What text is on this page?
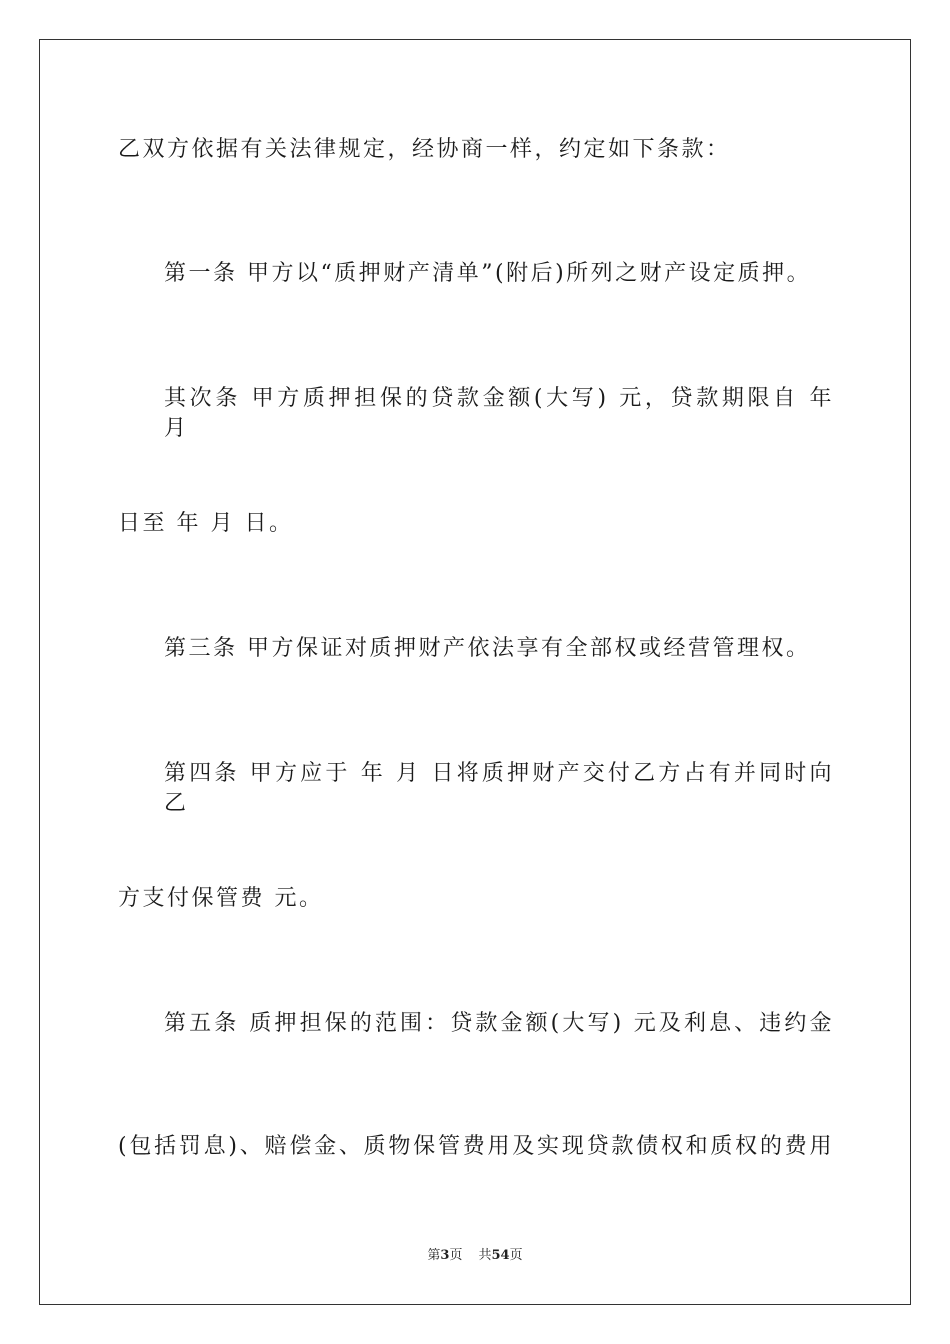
乙双方依据有关法律规定，经协商一样，约定如下条款：
第一条 甲方以“质押财产清单”(附后)所列之财产设定质押。
其次条 甲方质押担保的贷款金额(大写) 元，贷款期限自 年 月
日至 年 月 日。
第三条 甲方保证对质押财产依法享有全部权或经营管理权。
第四条 甲方应于 年 月 日将质押财产交付乙方占有并同时向乙
方支付保管费 元。
第五条 质押担保的范围：贷款金额(大写) 元及利息、违约金
(包括罚息)、赔偿金、质物保管费用及实现贷款债权和质权的费用
第3页 共54页
